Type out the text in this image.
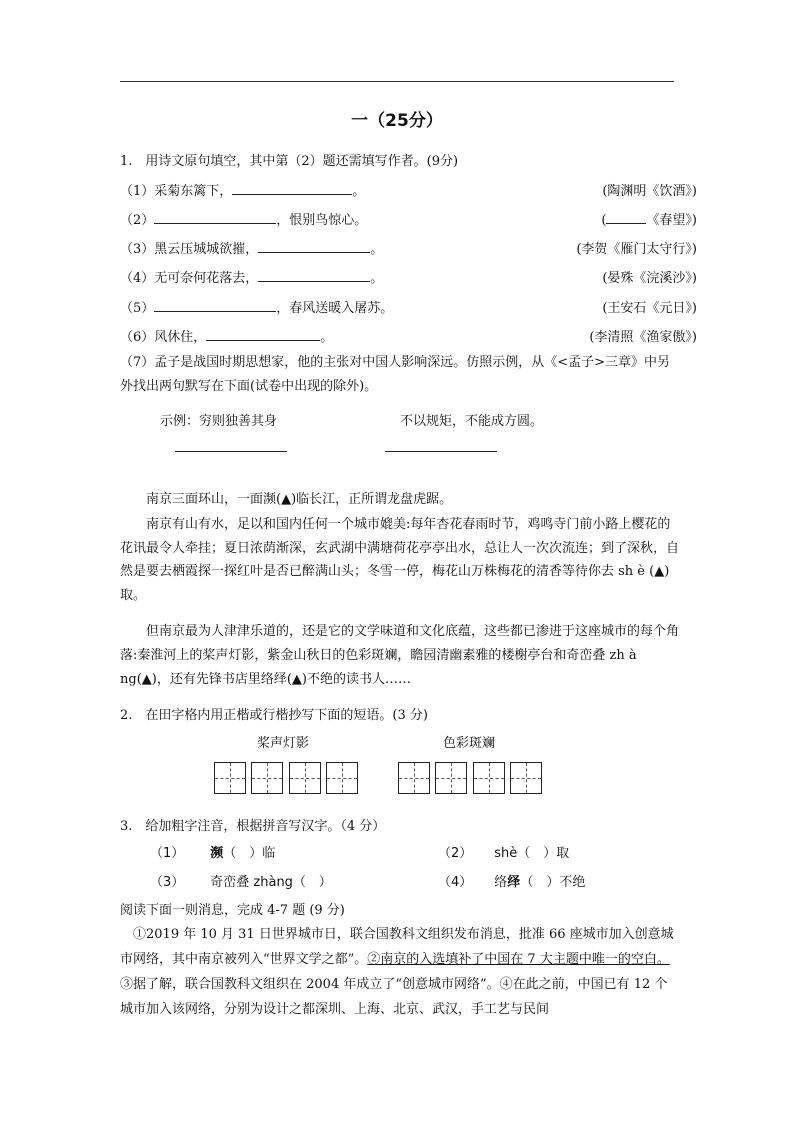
一（25分）
1.　用诗文原句填空，其中第（2）题还需填写作者。(9分)
（1）采菊东篱下，	。	(陶渊明《饮酒》)
（2）	，恨别鸟惊心。	(	《春望》)
（3）黑云压城城欲摧，	。	(李贺《雁门太守行》)
（4）无可奈何花落去，	。	(晏殊《浣溪沙》)
（5）	，春风送暖入屠苏。	(王安石《元日》)
（6）风休住，	。	(李清照《渔家傲》)
（7）孟子是战国时期思想家，他的主张对中国人影响深远。仿照示例，从《<孟子>三章》中另外找出两句默写在下面(试卷中出现的除外)。
示例：穷则独善其身	不以规矩，不能成方圆。
南京三面环山，一面濒(▲)临长江，正所谓龙盘虎踞。
南京有山有水，足以和国内任何一个城市媲美:每年杏花春雨时节，鸡鸣寺门前小路上樱花的花讯最令人牵挂；夏日浓荫渐深，玄武湖中满塘荷花亭亭出水，总让人一次次流连；到了深秋，自然是要去栖霞探一探红叶是否已醉满山头；冬雪一停，梅花山万株梅花的清香等待你去 sh è (▲)取。
但南京最为人津津乐道的，还是它的文学味道和文化底蕴，这些都已渗进于这座城市的每个角落:秦淮河上的桨声灯影，紫金山秋日的色彩斑斓，瞻园清幽素雅的楼榭亭台和奇峦叠 zh à ng(▲)，还有先锋书店里络绎(▲)不绝的读书人……
2.　在田字格内用正楷或行楷抄写下面的短语。(3 分)
桨声灯影	色彩斑斓
3.　给加粗字注音，根据拼音写汉字。（4 分）
（1） 濒（　）临	（2） shè（　）取
（3） 奇峦叠 zhàng（　）	（4） 络绎（　）不绝
阅读下面一则消息，完成 4-7 题 (9 分)
①2019 年 10 月 31 日世界城市日，联合国教科文组织发布消息，批准 66 座城市加入创意城市网络，其中南京被列入“世界文学之都”。②南京的入选填补了中国在 7 大主题中唯一的空白。③据了解，联合国教科文组织在 2004 年成立了“创意城市网络”。④在此之前，中国已有 12 个城市加入该网络，分别为设计之都深圳、上海、北京、武汉，手工艺与民间
